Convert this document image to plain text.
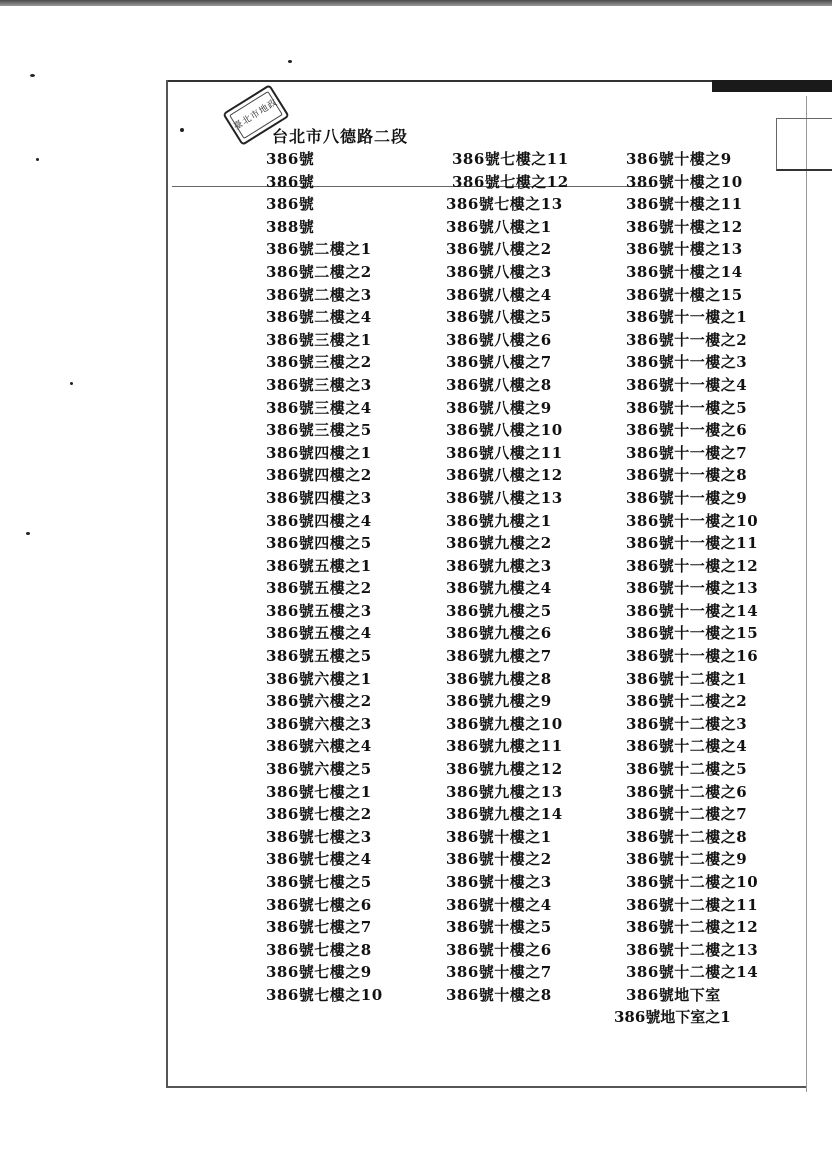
臺北市地政
台北市八德路二段
386號
386號
386號
388號
386號二樓之1
386號二樓之2
386號二樓之3
386號二樓之4
386號三樓之1
386號三樓之2
386號三樓之3
386號三樓之4
386號三樓之5
386號四樓之1
386號四樓之2
386號四樓之3
386號四樓之4
386號四樓之5
386號五樓之1
386號五樓之2
386號五樓之3
386號五樓之4
386號五樓之5
386號六樓之1
386號六樓之2
386號六樓之3
386號六樓之4
386號六樓之5
386號七樓之1
386號七樓之2
386號七樓之3
386號七樓之4
386號七樓之5
386號七樓之6
386號七樓之7
386號七樓之8
386號七樓之9
386號七樓之10
386號七樓之11
386號七樓之12
386號七樓之13
386號八樓之1
386號八樓之2
386號八樓之3
386號八樓之4
386號八樓之5
386號八樓之6
386號八樓之7
386號八樓之8
386號八樓之9
386號八樓之10
386號八樓之11
386號八樓之12
386號八樓之13
386號九樓之1
386號九樓之2
386號九樓之3
386號九樓之4
386號九樓之5
386號九樓之6
386號九樓之7
386號九樓之8
386號九樓之9
386號九樓之10
386號九樓之11
386號九樓之12
386號九樓之13
386號九樓之14
386號十樓之1
386號十樓之2
386號十樓之3
386號十樓之4
386號十樓之5
386號十樓之6
386號十樓之7
386號十樓之8
386號十樓之9
386號十樓之10
386號十樓之11
386號十樓之12
386號十樓之13
386號十樓之14
386號十樓之15
386號十一樓之1
386號十一樓之2
386號十一樓之3
386號十一樓之4
386號十一樓之5
386號十一樓之6
386號十一樓之7
386號十一樓之8
386號十一樓之9
386號十一樓之10
386號十一樓之11
386號十一樓之12
386號十一樓之13
386號十一樓之14
386號十一樓之15
386號十一樓之16
386號十二樓之1
386號十二樓之2
386號十二樓之3
386號十二樓之4
386號十二樓之5
386號十二樓之6
386號十二樓之7
386號十二樓之8
386號十二樓之9
386號十二樓之10
386號十二樓之11
386號十二樓之12
386號十二樓之13
386號十二樓之14
386號地下室
386號地下室之1
